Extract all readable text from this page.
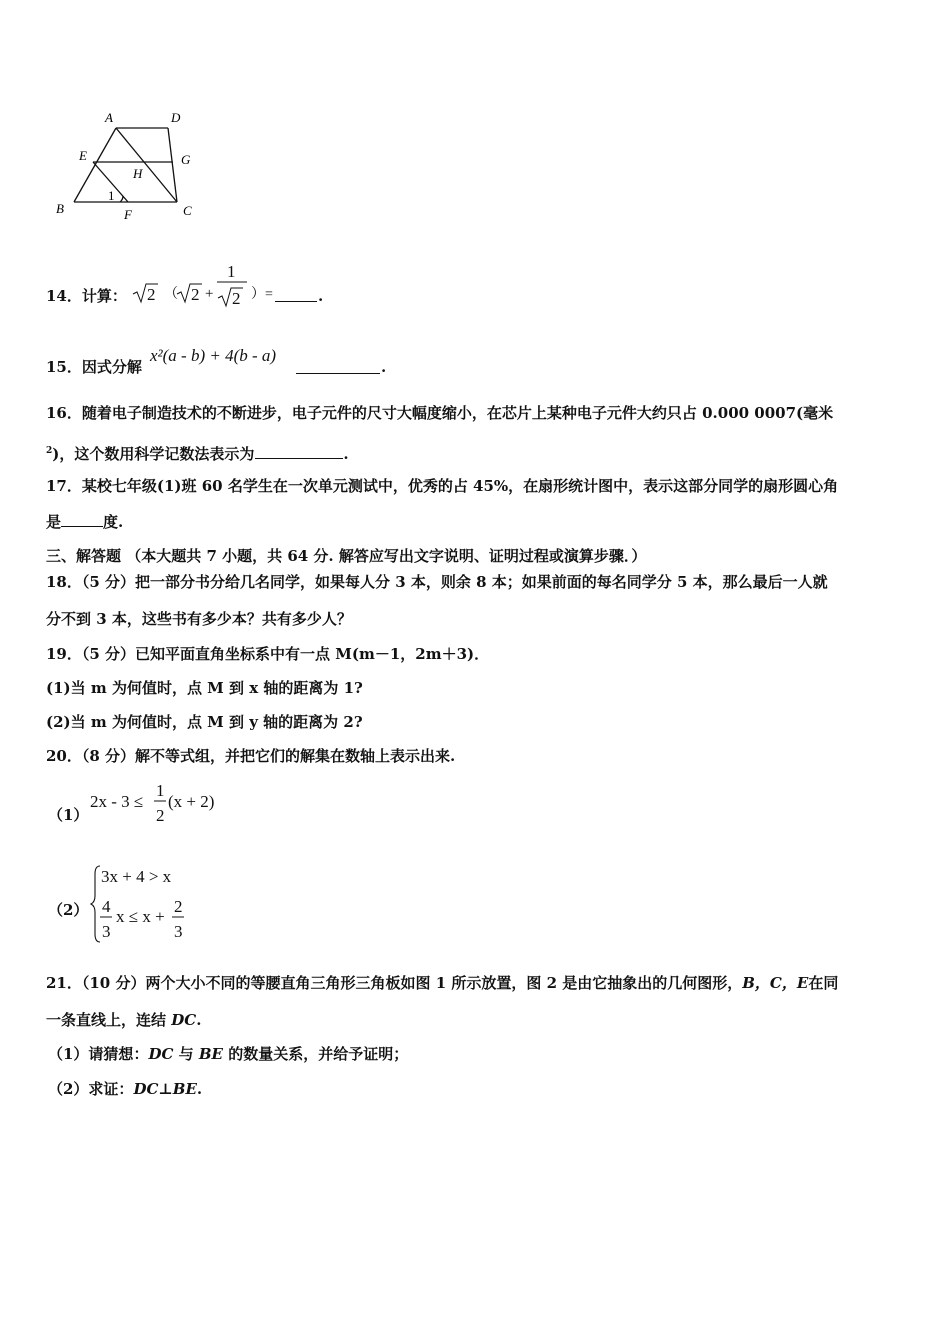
A	D
E	G
H
B	F	C
1
14．计算： 2 （ 2 +
1
2 ）=	.
15．因式分解
x²(a - b) + 4(b - a)
.
16．随着电子制造技术的不断进步，电子元件的尺寸大幅度缩小，在芯片上某种电子元件大约只占 0.000 0007(毫米
$^2$)，这个数用科学记数法表示为	.
17．某校七年级(1)班 60 名学生在一次单元测试中，优秀的占 45%，在扇形统计图中，表示这部分同学的扇形圆心角
是	度.
三、解答题 （本大题共 7 小题，共 64 分. 解答应写出文字说明、证明过程或演算步骤．）
18．（5 分）把一部分书分给几名同学，如果每人分 3 本，则余 8 本；如果前面的每名同学分 5 本，那么最后一人就
分不到 3 本，这些书有多少本？共有多少人？
19．（5 分）已知平面直角坐标系中有一点 M(m－1，2m＋3)．
(1)当 m 为何值时，点 M 到 x 轴的距离为 1?
(2)当 m 为何值时，点 M 到 y 轴的距离为 2?
20．（8 分）解不等式组，并把它们的解集在数轴上表示出来.
（1）
2x - 3 ≤
1
2
(x + 2)
（2）
3x + 4 > x
4
3
x ≤ x +
2
3
21．（10 分）两个大小不同的等腰直角三角形三角板如图 1 所示放置，图 2 是由它抽象出的几何图形，B，C，E在同
一条直线上，连结 DC.
（1）请猜想：DC 与 BE 的数量关系，并给予证明；
（2）求证：DC⊥BE.
